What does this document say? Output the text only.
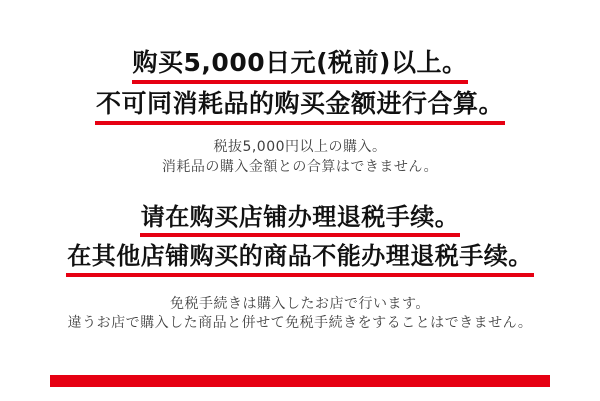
购买5,000日元(税前)以上。
不可同消耗品的购买金额进行合算。
税抜5,000円以上の購入。
消耗品の購入金額との合算はできません。
请在购买店铺办理退税手续。
在其他店铺购买的商品不能办理退税手续。
免税手続きは購入したお店で行います。
違うお店で購入した商品と併せて免税手続きをすることはできません。
